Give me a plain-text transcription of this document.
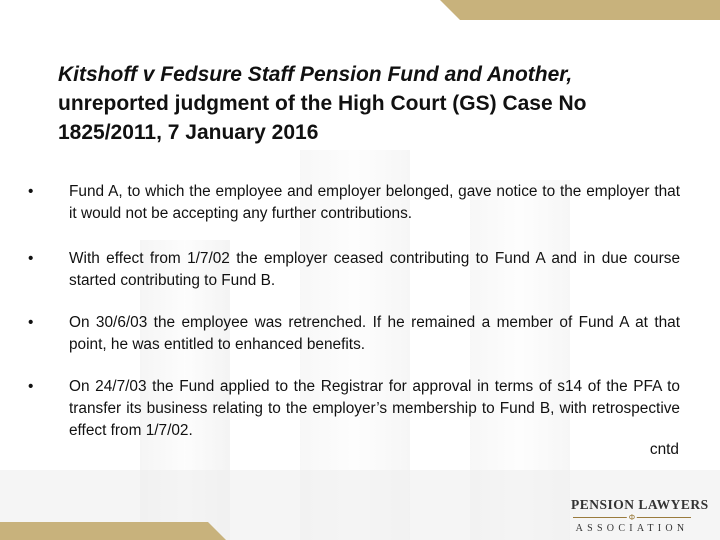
Kitshoff v Fedsure Staff Pension Fund and Another, unreported judgment of the High Court (GS) Case No 1825/2011, 7 January 2016
• Fund A, to which the employee and employer belonged, gave notice to the employer that it would not be accepting any further contributions.
• With effect from 1/7/02 the employer ceased contributing to Fund A and in due course started contributing to Fund B.
• On 30/6/03 the employee was retrenched. If he remained a member of Fund A at that point, he was entitled to enhanced benefits.
• On 24/7/03 the Fund applied to the Registrar for approval in terms of s14 of the PFA to transfer its business relating to the employer’s membership to Fund B, with retrospective effect from 1/7/02.
cntd
PENSION LAWYERS
Φ
ASSOCIATION
